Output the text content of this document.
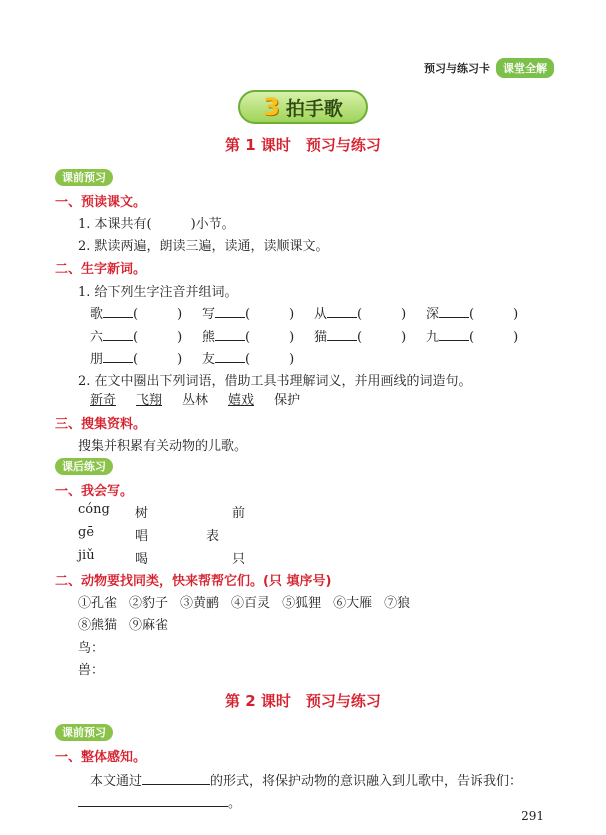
预习与练习卡	课堂全解
3 拍手歌
第 1 课时　预习与练习
课前预习
一、预读课文。
1. 本课共有(　　　)小节。
2. 默读两遍，朗读三遍，读通，读顺课文。
二、生字新词。
1. 给下列生字注音并组词。
歌 (　　　)	写 (　　　)	从 (　　　)	深 (　　　)
六 (　　　)	熊 (　　　)	猫 (　　　)	九 (　　　)
朋 (　　　)	友 (　　　)
2. 在文中圈出下列词语，借助工具书理解词义，并用画线的词造句。
新奇 飞翔 丛林 嬉戏 保护
三、搜集资料。
搜集并积累有关动物的儿歌。
课后练习
一、我会写。
cóng 树	前
gē	唱	表
jiǔ	喝	只
二、动物要找同类，快来帮帮它们。(只 填序号)
①孔雀 ②豹子 ③黄鹂 ④百灵 ⑤狐狸 ⑥大雁 ⑦狼
⑧熊猫 ⑨麻雀
鸟：
兽：
第 2 课时　预习与练习
课前预习
一、整体感知。
本文通过	的形式，将保护动物的意识融入到儿歌中，告诉我们：
。
291
